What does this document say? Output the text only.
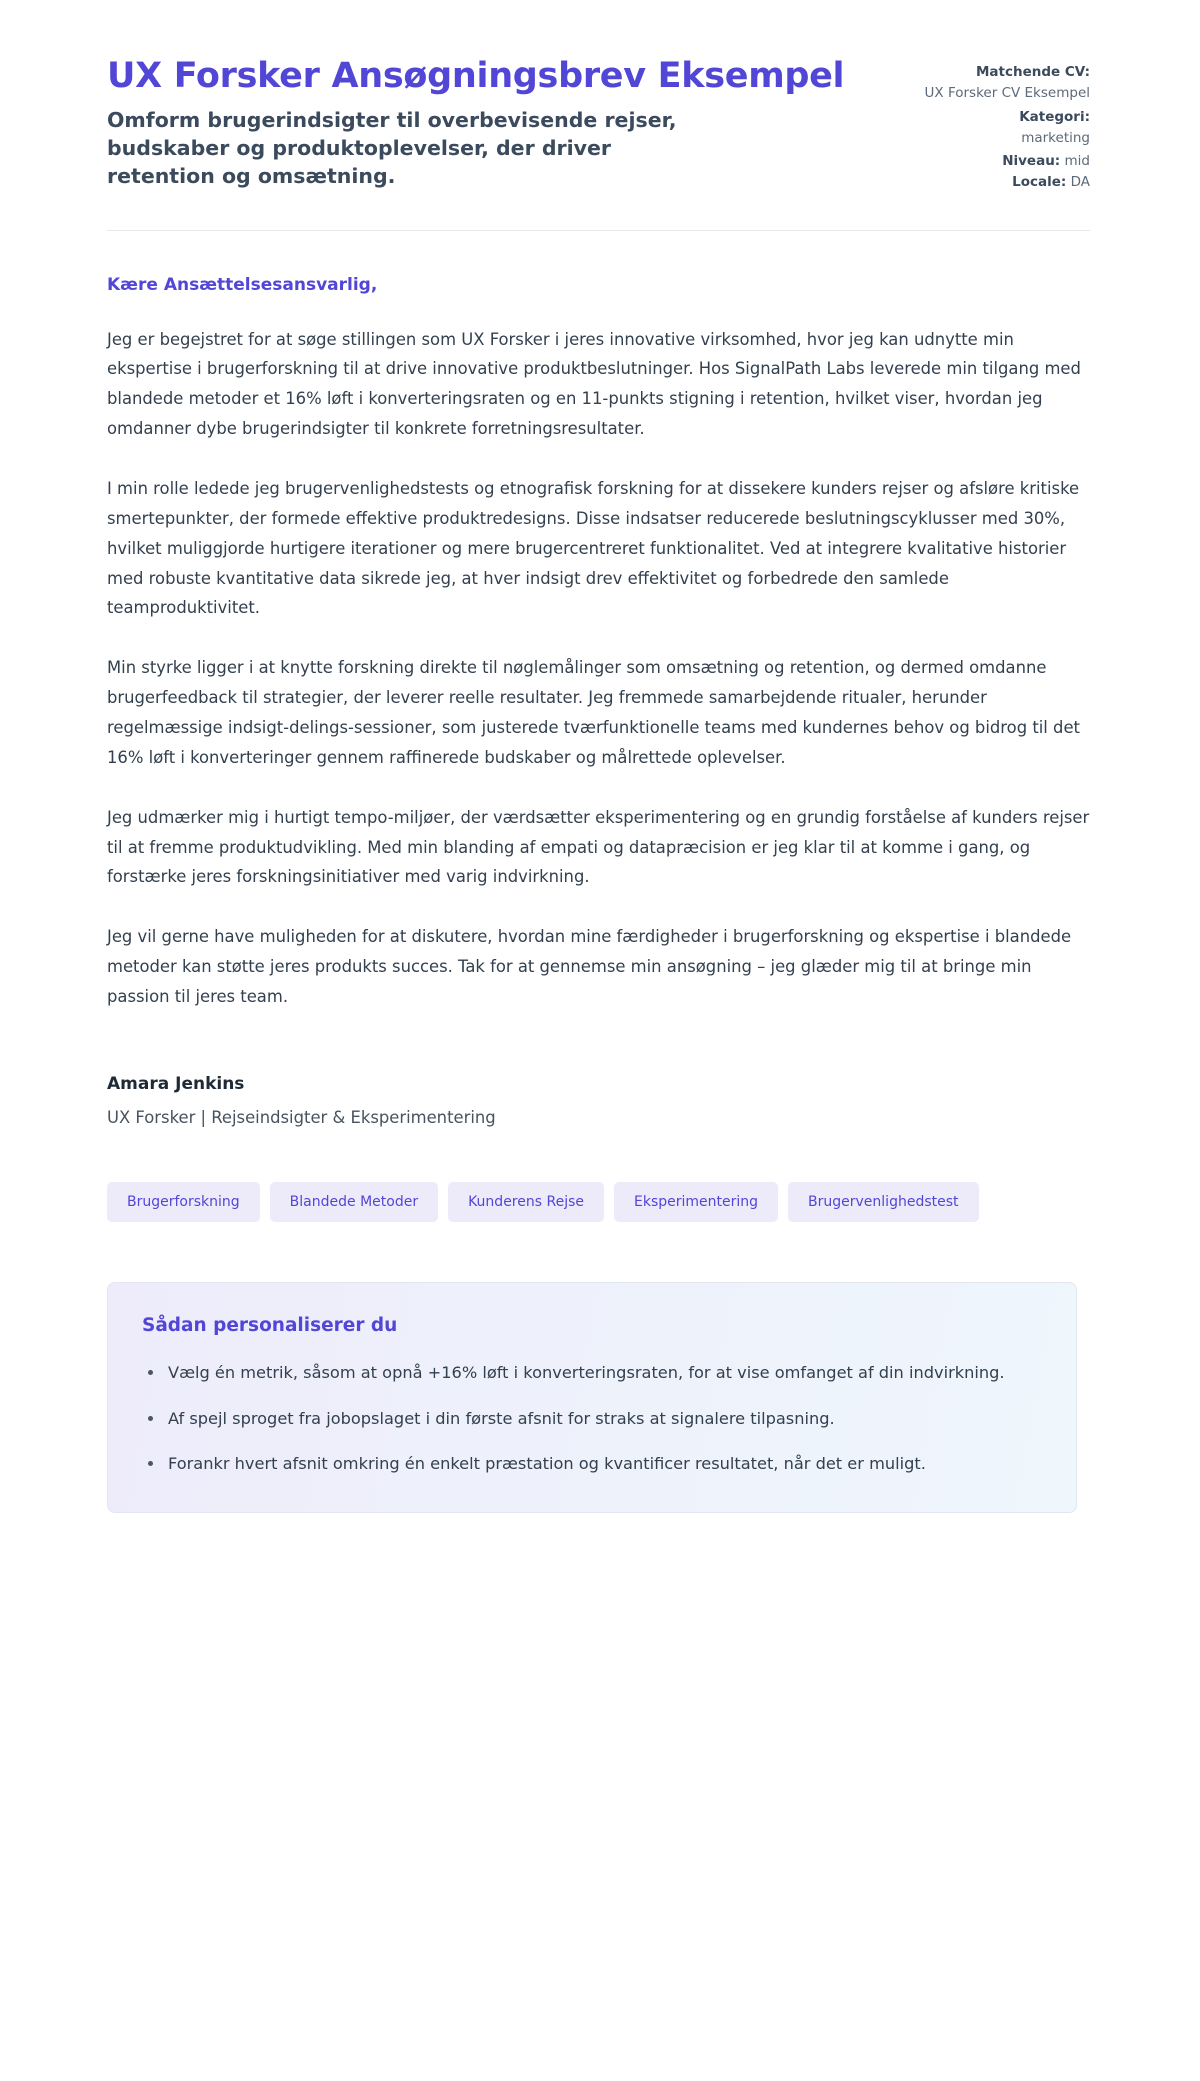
UX Forsker Ansøgningsbrev Eksempel

Omform brugerindsigter til overbevisende rejser, budskaber og produktoplevelser, der driver retention og omsætning.

Matchende CV:
UX Forsker CV Eksempel
Kategori:
marketing
Niveau: mid
Locale: DA

Kære Ansættelsesansvarlig,

Jeg er begejstret for at søge stillingen som UX Forsker i jeres innovative virksomhed, hvor jeg kan udnytte min ekspertise i brugerforskning til at drive innovative produktbeslutninger. Hos SignalPath Labs leverede min tilgang med blandede metoder et 16% løft i konverteringsraten og en 11-punkts stigning i retention, hvilket viser, hvordan jeg omdanner dybe brugerindsigter til konkrete forretningsresultater.

I min rolle ledede jeg brugervenlighedstests og etnografisk forskning for at dissekere kunders rejser og afsløre kritiske smertepunkter, der formede effektive produktredesigns. Disse indsatser reducerede beslutningscyklusser med 30%, hvilket muliggjorde hurtigere iterationer og mere brugercentreret funktionalitet. Ved at integrere kvalitative historier med robuste kvantitative data sikrede jeg, at hver indsigt drev effektivitet og forbedrede den samlede teamproduktivitet.

Min styrke ligger i at knytte forskning direkte til nøglemålinger som omsætning og retention, og dermed omdanne brugerfeedback til strategier, der leverer reelle resultater. Jeg fremmede samarbejdende ritualer, herunder regelmæssige indsigt-delings-sessioner, som justerede tværfunktionelle teams med kundernes behov og bidrog til det 16% løft i konverteringer gennem raffinerede budskaber og målrettede oplevelser.

Jeg udmærker mig i hurtigt tempo-miljøer, der værdsætter eksperimentering og en grundig forståelse af kunders rejser til at fremme produktudvikling. Med min blanding af empati og datapræcision er jeg klar til at komme i gang, og forstærke jeres forskningsinitiativer med varig indvirkning.

Jeg vil gerne have muligheden for at diskutere, hvordan mine færdigheder i brugerforskning og ekspertise i blandede metoder kan støtte jeres produkts succes. Tak for at gennemse min ansøgning – jeg glæder mig til at bringe min passion til jeres team.

Amara Jenkins
UX Forsker | Rejseindsigter & Eksperimentering
Brugerforskning	Blandede Metoder	Kunderens Rejse	Eksperimentering	Brugervenlighedstest
Sådan personaliserer du
Vælg én metrik, såsom at opnå +16% løft i konverteringsraten, for at vise omfanget af din indvirkning.
Af spejl sproget fra jobopslaget i din første afsnit for straks at signalere tilpasning.
Forankr hvert afsnit omkring én enkelt præstation og kvantificer resultatet, når det er muligt.
